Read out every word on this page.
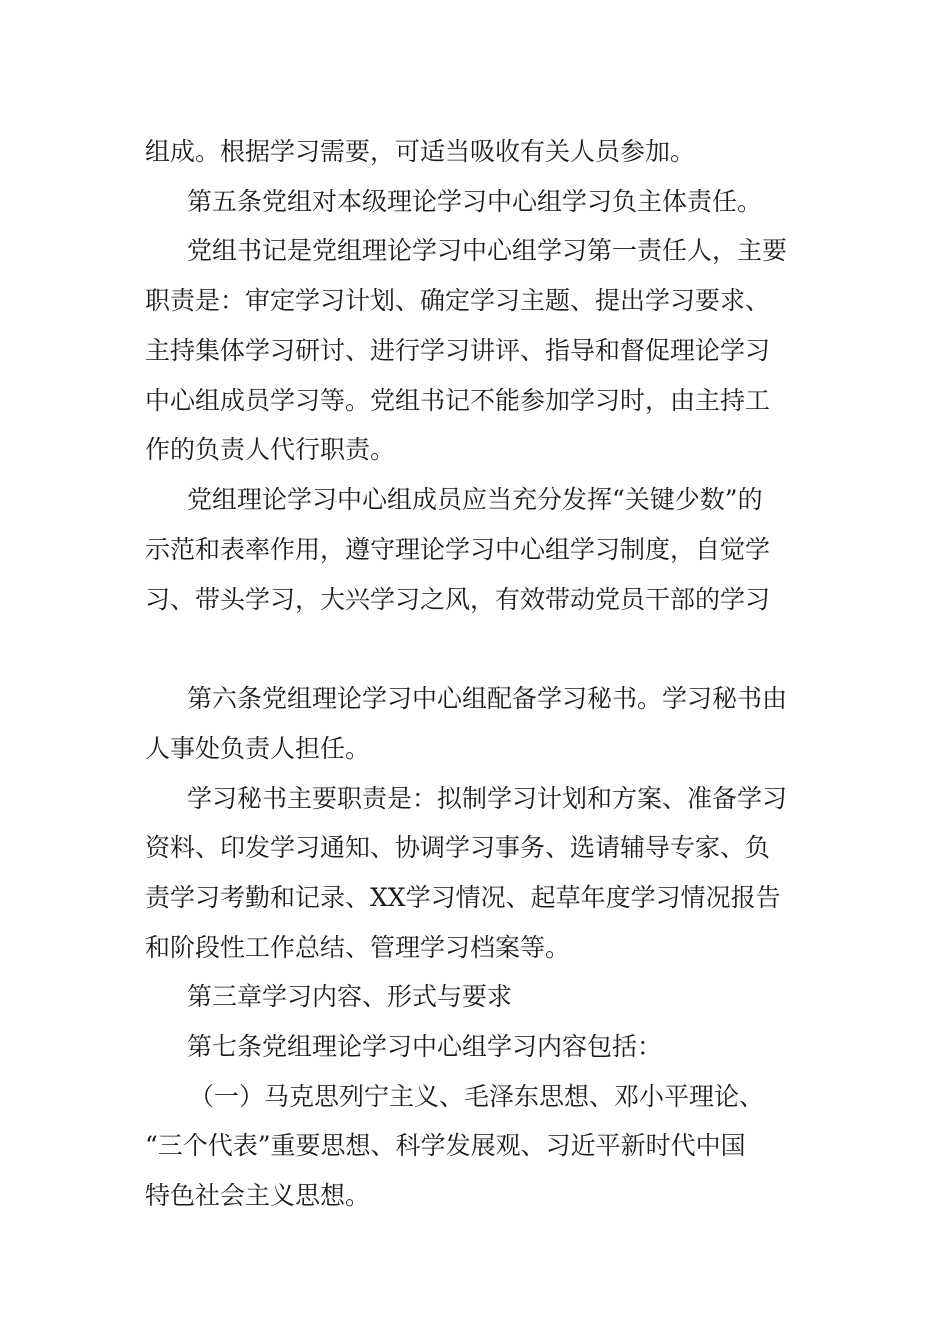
组成。根据学习需要，可适当吸收有关人员参加。

第五条党组对本级理论学习中心组学习负主体责任。

党组书记是党组理论学习中心组学习第一责任人，主要

职责是：审定学习计划、确定学习主题、提出学习要求、

主持集体学习研讨、进行学习讲评、指导和督促理论学习

中心组成员学习等。党组书记不能参加学习时，由主持工

作的负责人代行职责。

党组理论学习中心组成员应当充分发挥“关键少数”的

示范和表率作用，遵守理论学习中心组学习制度，自觉学

习、带头学习，大兴学习之风，有效带动党员干部的学习

第六条党组理论学习中心组配备学习秘书。学习秘书由

人事处负责人担任。

学习秘书主要职责是：拟制学习计划和方案、准备学习

资料、印发学习通知、协调学习事务、选请辅导专家、负

责学习考勤和记录、XX学习情况、起草年度学习情况报告

和阶段性工作总结、管理学习档案等。

第三章学习内容、形式与要求

第七条党组理论学习中心组学习内容包括：

（一）马克思列宁主义、毛泽东思想、邓小平理论、

“三个代表”重要思想、科学发展观、习近平新时代中国

特色社会主义思想。
